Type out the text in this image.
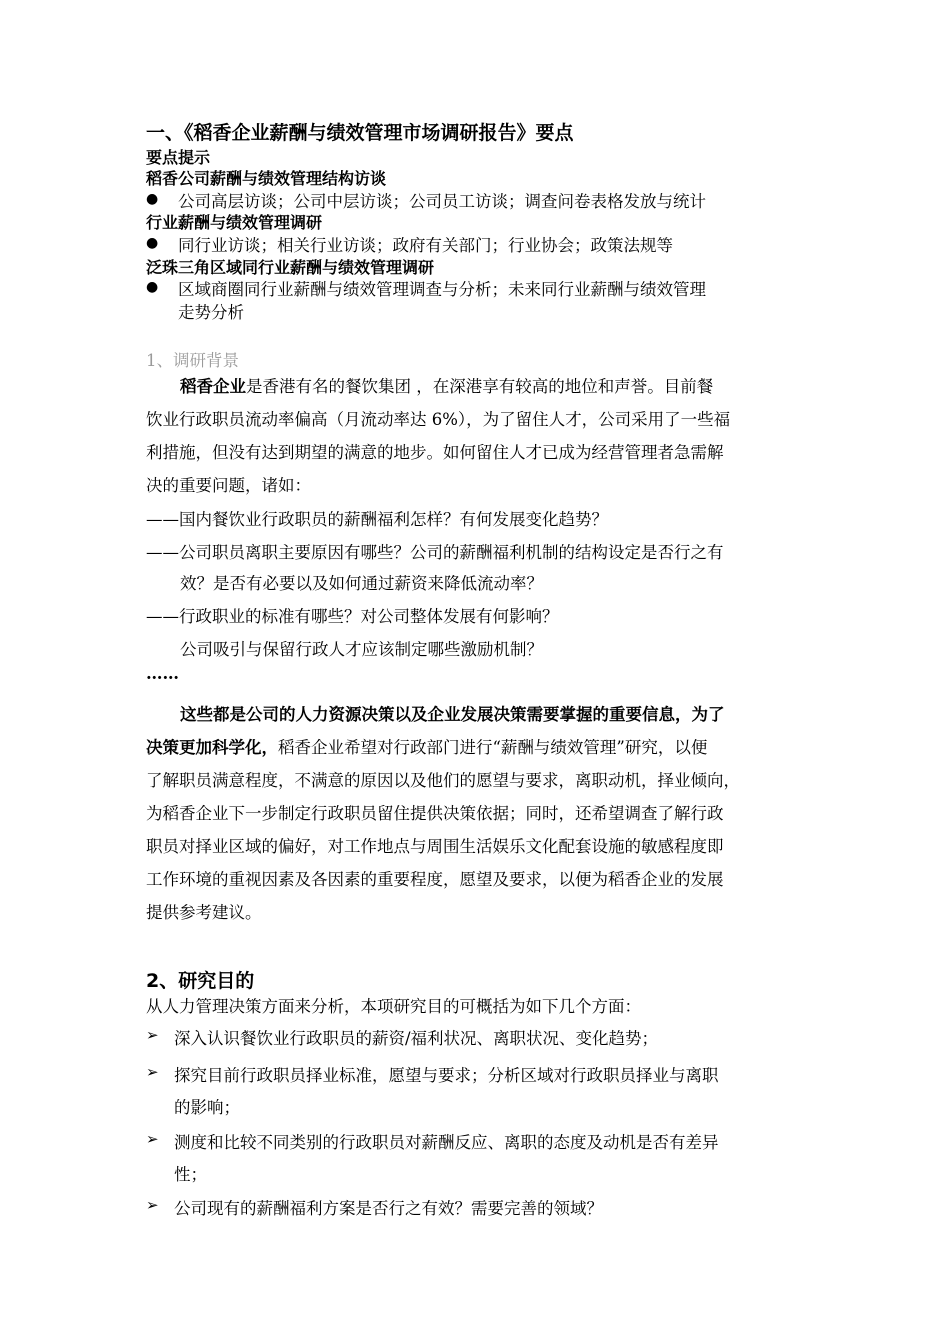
一、《稻香企业薪酬与绩效管理市场调研报告》要点

要点提示

稻香公司薪酬与绩效管理结构访谈

● 公司高层访谈；公司中层访谈；公司员工访谈；调查问卷表格发放与统计

行业薪酬与绩效管理调研

● 同行业访谈；相关行业访谈；政府有关部门；行业协会；政策法规等

泛珠三角区域同行业薪酬与绩效管理调研

● 区域商圈同行业薪酬与绩效管理调查与分析；未来同行业薪酬与绩效管理

走势分析

1、调研背景

稻香企业是香港有名的餐饮集团 ，在深港享有较高的地位和声誉。目前餐

饮业行政职员流动率偏高（月流动率达 6%），为了留住人才，公司采用了一些福

利措施，但没有达到期望的满意的地步。如何留住人才已成为经营管理者急需解

决的重要问题，诸如：

——国内餐饮业行政职员的薪酬福利怎样？有何发展变化趋势？

——公司职员离职主要原因有哪些？公司的薪酬福利机制的结构设定是否行之有

效？是否有必要以及如何通过薪资来降低流动率？

——行政职业的标准有哪些？对公司整体发展有何影响？

公司吸引与保留行政人才应该制定哪些激励机制？

……

这些都是公司的人力资源决策以及企业发展决策需要掌握的重要信息，为了

决策更加科学化，稻香企业希望对行政部门进行“薪酬与绩效管理”研究，以便

了解职员满意程度，不满意的原因以及他们的愿望与要求，离职动机，择业倾向，

为稻香企业下一步制定行政职员留住提供决策依据；同时，还希望调查了解行政

职员对择业区域的偏好，对工作地点与周围生活娱乐文化配套设施的敏感程度即

工作环境的重视因素及各因素的重要程度，愿望及要求，以便为稻香企业的发展

提供参考建议。

2、研究目的

从人力管理决策方面来分析，本项研究目的可概括为如下几个方面：

➢ 深入认识餐饮业行政职员的薪资/福利状况、离职状况、变化趋势；

➢ 探究目前行政职员择业标准，愿望与要求；分析区域对行政职员择业与离职

的影响；

➢ 测度和比较不同类别的行政职员对薪酬反应、离职的态度及动机是否有差异

性；

➢ 公司现有的薪酬福利方案是否行之有效？需要完善的领域？
